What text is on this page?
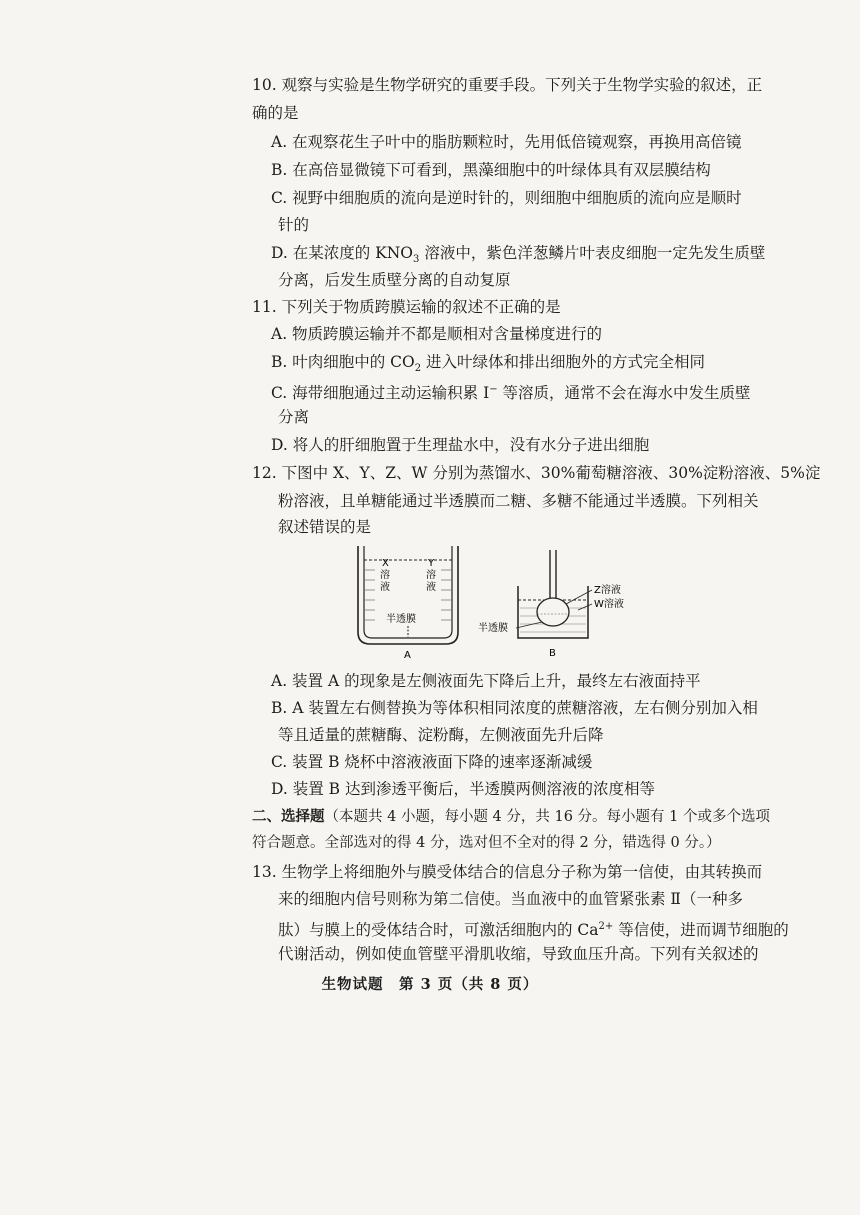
10. 观察与实验是生物学研究的重要手段。下列关于生物学实验的叙述，正
确的是
A. 在观察花生子叶中的脂肪颗粒时，先用低倍镜观察，再换用高倍镜
B. 在高倍显微镜下可看到，黑藻细胞中的叶绿体具有双层膜结构
C. 视野中细胞质的流向是逆时针的，则细胞中细胞质的流向应是顺时
针的
D. 在某浓度的 $KNO_3$ 溶液中，紫色洋葱鳞片叶表皮细胞一定先发生质壁
分离，后发生质壁分离的自动复原
11. 下列关于物质跨膜运输的叙述不正确的是
A. 物质跨膜运输并不都是顺相对含量梯度进行的
B. 叶肉细胞中的 $CO_2$ 进入叶绿体和排出细胞外的方式完全相同
C. 海带细胞通过主动运输积累 I− 等溶质，通常不会在海水中发生质壁
分离
D. 将人的肝细胞置于生理盐水中，没有水分子进出细胞
12. 下图中 X、Y、Z、W 分别为蒸馏水、30%葡萄糖溶液、30%淀粉溶液、5%淀
粉溶液，且单糖能通过半透膜而二糖、多糖不能通过半透膜。下列相关
叙述错误的是
X
溶
液
Y
溶
液
半透膜
A
Z溶液
W溶液
半透膜
B
A. 装置 A 的现象是左侧液面先下降后上升，最终左右液面持平
B. A 装置左右侧替换为等体积相同浓度的蔗糖溶液，左右侧分别加入相
等且适量的蔗糖酶、淀粉酶，左侧液面先升后降
C. 装置 B 烧杯中溶液液面下降的速率逐渐减缓
D. 装置 B 达到渗透平衡后，半透膜两侧溶液的浓度相等
二、选择题（本题共 4 小题，每小题 4 分，共 16 分。每小题有 1 个或多个选项
符合题意。全部选对的得 4 分，选对但不全对的得 2 分，错选得 0 分。）
13. 生物学上将细胞外与膜受体结合的信息分子称为第一信使，由其转换而
来的细胞内信号则称为第二信使。当血液中的血管紧张素 Ⅱ（一种多
肽）与膜上的受体结合时，可激活细胞内的 $Ca^{2+}$ 等信使，进而调节细胞的
代谢活动，例如使血管壁平滑肌收缩，导致血压升高。下列有关叙述的
生物试题　第 3 页（共 8 页）
